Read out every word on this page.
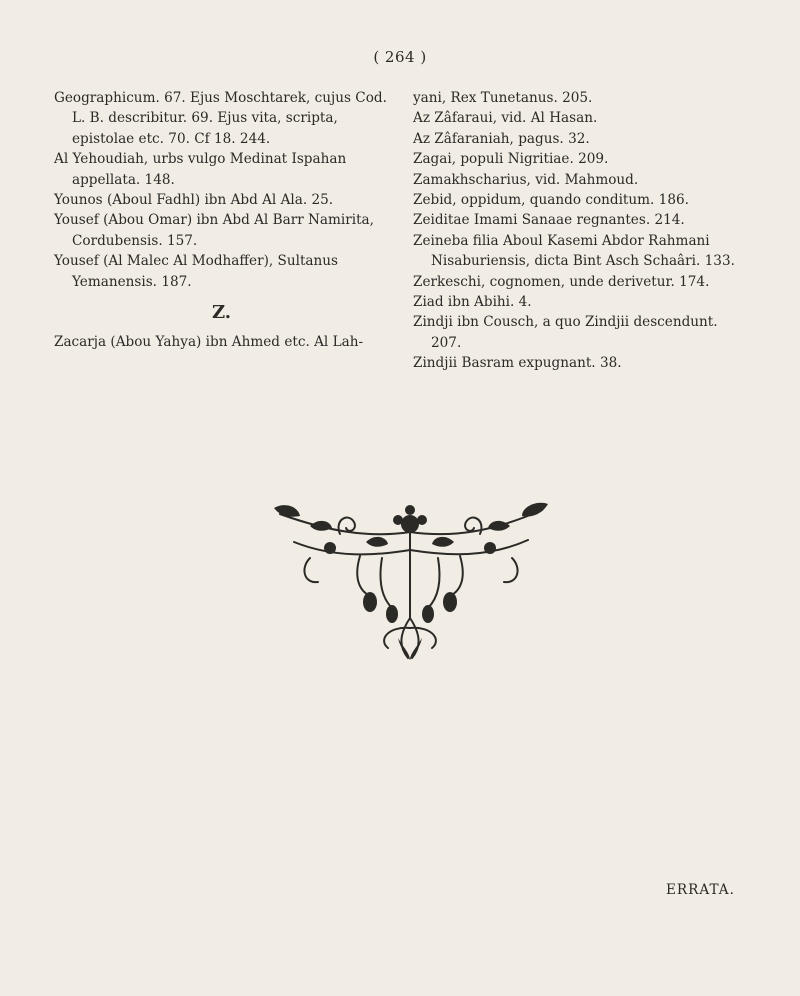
( 264 )

Geographicum. 67. Ejus Moschtarek, cujus Cod. L. B. describitur. 69. Ejus vita, scripta, epistolae etc. 70. Cf 18. 244.

Al Yehoudiah, urbs vulgo Medinat Ispahan appellata. 148.

Younos (Aboul Fadhl) ibn Abd Al Ala. 25.

Yousef (Abou Omar) ibn Abd Al Barr Namirita, Cordubensis. 157.

Yousef (Al Malec Al Modhaffer), Sultanus Yemanensis. 187.

Z.

Zacarja (Abou Yahya) ibn Ahmed etc. Al Lah-

yani, Rex Tunetanus. 205.

Az Zâfaraui, vid. Al Hasan.

Az Zâfaraniah, pagus. 32.

Zagai, populi Nigritiae. 209.

Zamakhscharius, vid. Mahmoud.

Zebid, oppidum, quando conditum. 186.

Zeiditae Imami Sanaae regnantes. 214.

Zeineba filia Aboul Kasemi Abdor Rahmani Nisaburiensis, dicta Bint Asch Schaâri. 133.

Zerkeschi, cognomen, unde derivetur. 174.

Ziad ibn Abihi. 4.

Zindji ibn Cousch, a quo Zindjii descendunt. 207.

Zindjii Basram expugnant. 38.

ERRATA.
